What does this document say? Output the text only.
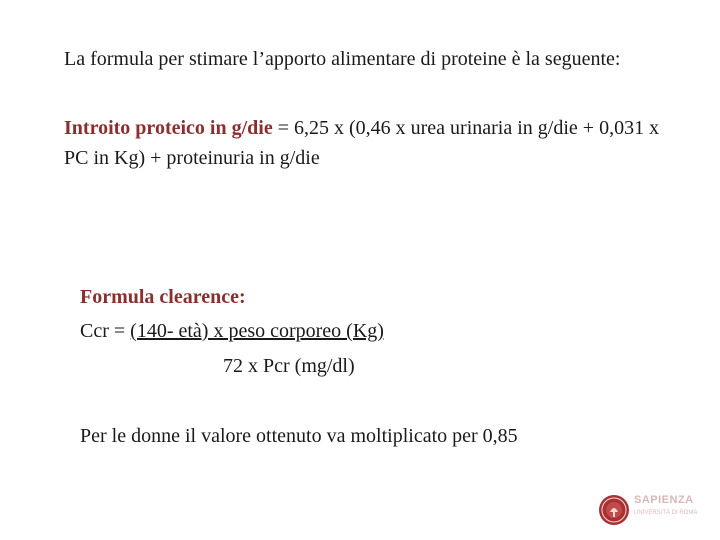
La formula per stimare l’apporto alimentare di proteine è la seguente:
Introito proteico in g/die = 6,25 x (0,46 x urea urinaria in g/die + 0,031 x PC in Kg) + proteinuria in g/die
Formula clearence:
Ccr = (140- età) x peso corporeo (Kg)
72 x Pcr (mg/dl)
Per le donne il valore ottenuto va moltiplicato per 0,85
SAPIENZA
UNIVERSITÀ DI ROMA
